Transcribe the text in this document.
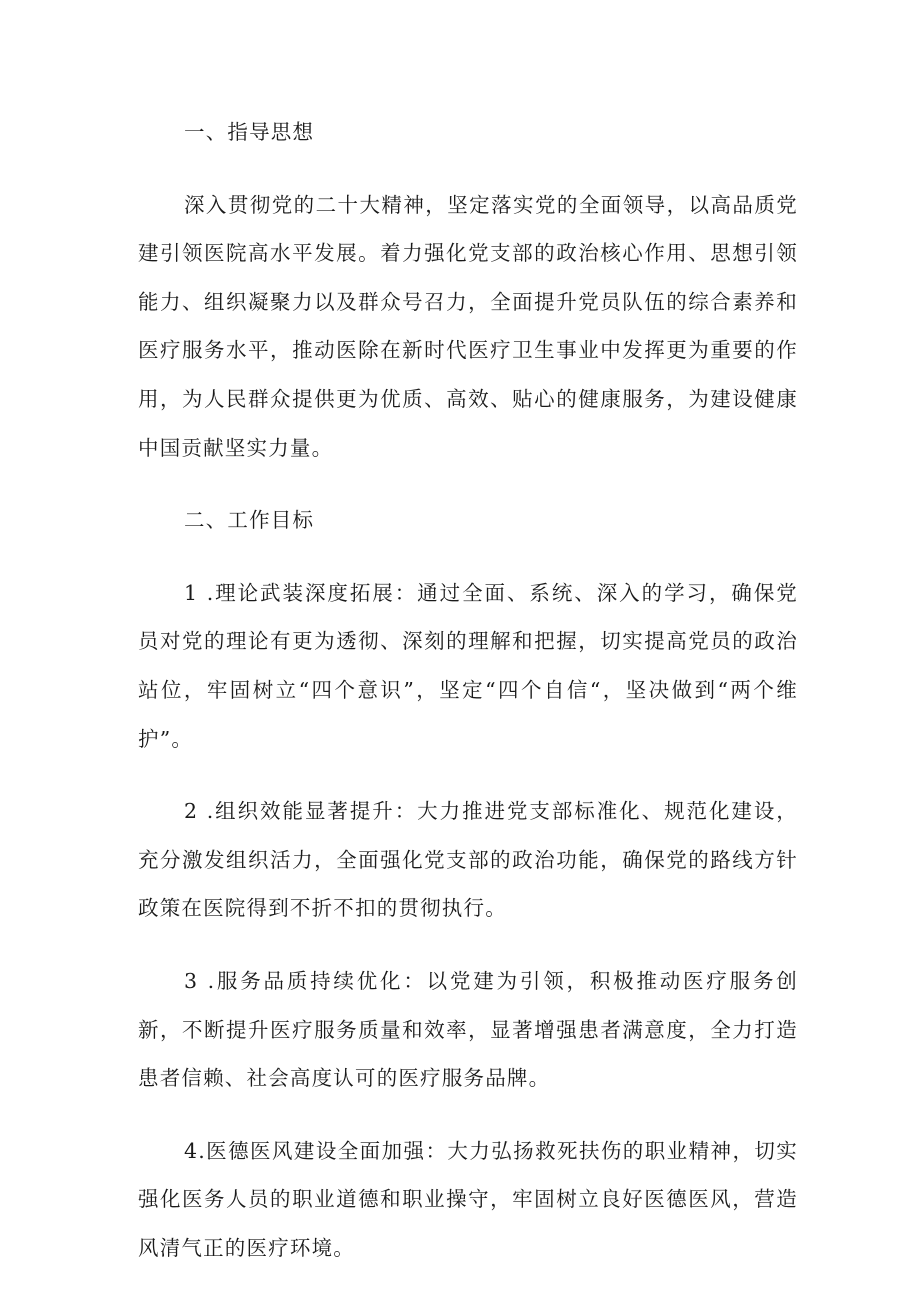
一、指导思想

深入贯彻党的二十大精神，坚定落实党的全面领导，以高品质党建引领医院高水平发展。着力强化党支部的政治核心作用、思想引领能力、组织凝聚力以及群众号召力，全面提升党员队伍的综合素养和医疗服务水平，推动医除在新时代医疗卫生事业中发挥更为重要的作用，为人民群众提供更为优质、高效、贴心的健康服务，为建设健康中国贡献坚实力量。

二、工作目标

1 .理论武装深度拓展：通过全面、系统、深入的学习，确保党员对党的理论有更为透彻、深刻的理解和把握，切实提高党员的政治站位，牢固树立“四个意识”，坚定“四个自信“，坚决做到“两个维护”。

2 .组织效能显著提升：大力推进党支部标准化、规范化建设，充分激发组织活力，全面强化党支部的政治功能，确保党的路线方针政策在医院得到不折不扣的贯彻执行。

3 .服务品质持续优化：以党建为引领，积极推动医疗服务创新，不断提升医疗服务质量和效率，显著增强患者满意度，全力打造患者信赖、社会高度认可的医疗服务品牌。

4.医德医风建设全面加强：大力弘扬救死扶伤的职业精神，切实强化医务人员的职业道德和职业操守，牢固树立良好医德医风，营造风清气正的医疗环境。
